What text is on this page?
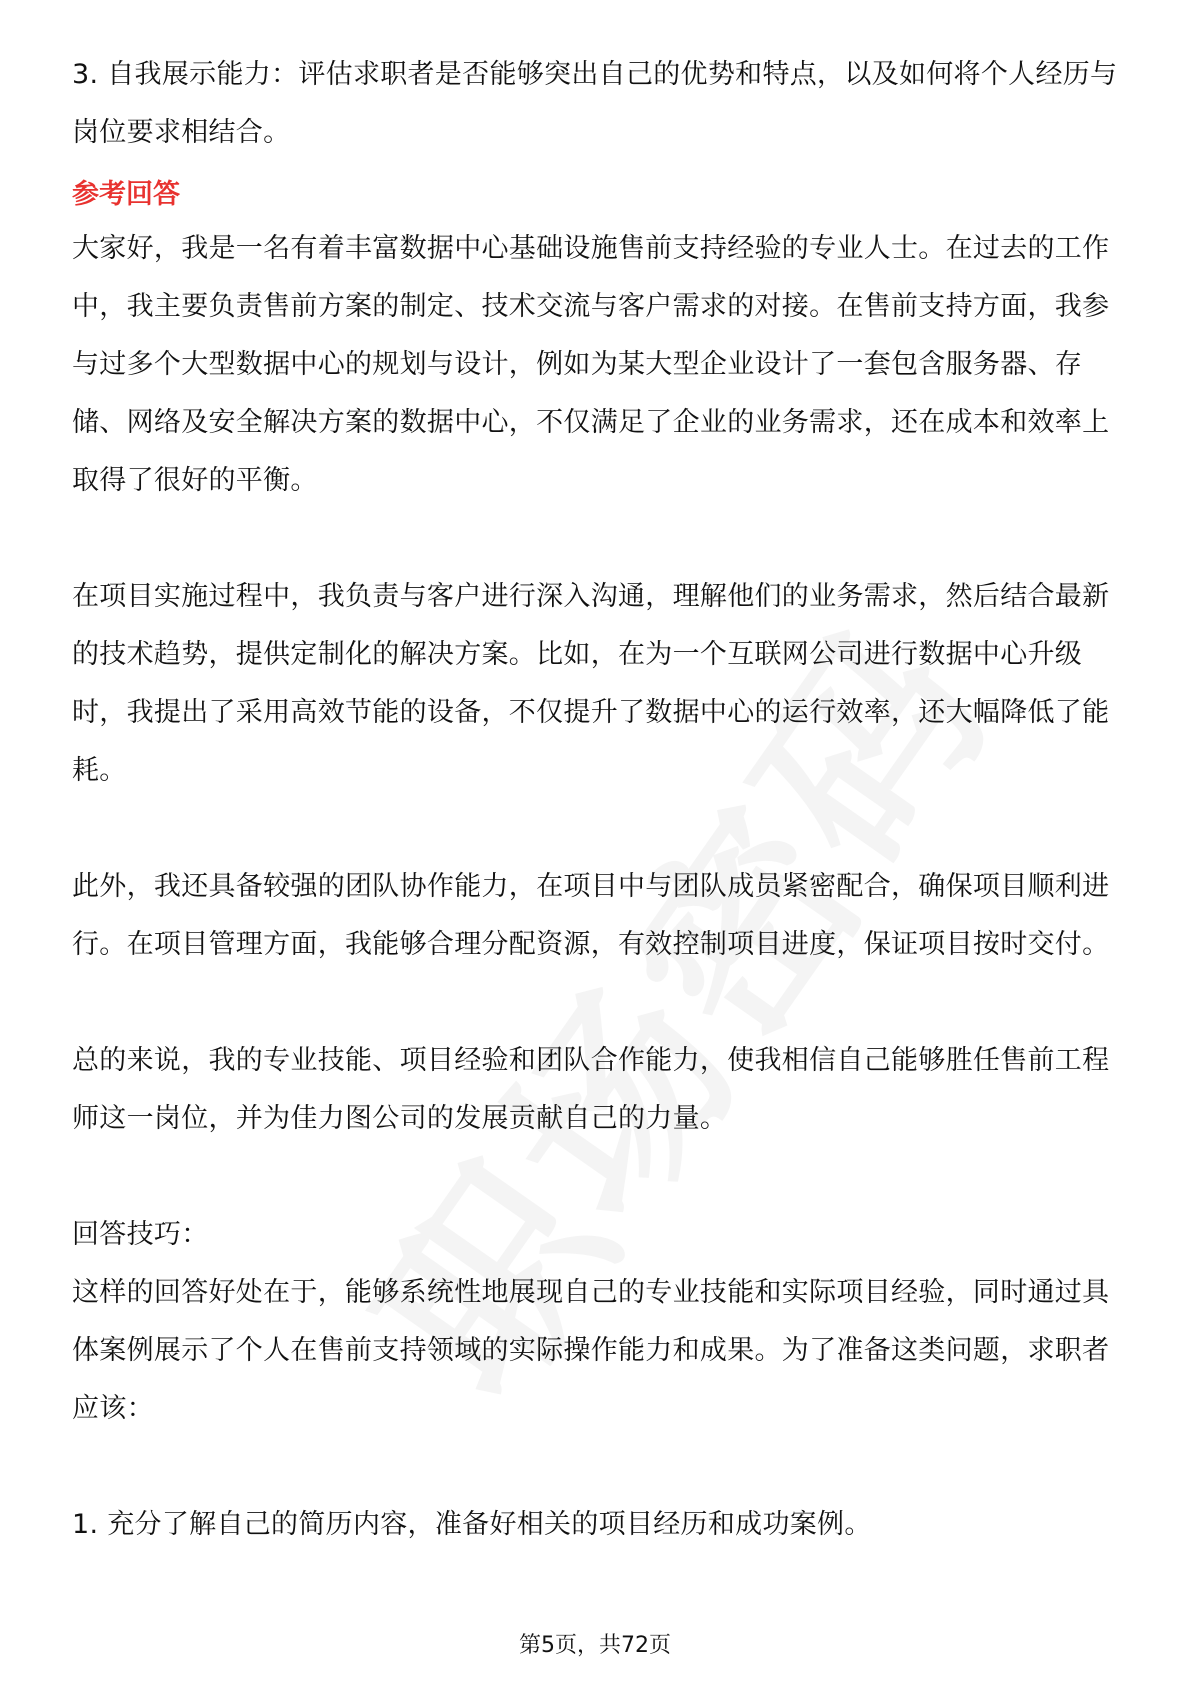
3. 自我展示能力：评估求职者是否能够突出自己的优势和特点，以及如何将个人经历与岗位要求相结合。

参考回答

大家好，我是一名有着丰富数据中心基础设施售前支持经验的专业人士。在过去的工作中，我主要负责售前方案的制定、技术交流与客户需求的对接。在售前支持方面，我参与过多个大型数据中心的规划与设计，例如为某大型企业设计了一套包含服务器、存储、网络及安全解决方案的数据中心，不仅满足了企业的业务需求，还在成本和效率上取得了很好的平衡。

在项目实施过程中，我负责与客户进行深入沟通，理解他们的业务需求，然后结合最新的技术趋势，提供定制化的解决方案。比如，在为一个互联网公司进行数据中心升级时，我提出了采用高效节能的设备，不仅提升了数据中心的运行效率，还大幅降低了能耗。

此外，我还具备较强的团队协作能力，在项目中与团队成员紧密配合，确保项目顺利进行。在项目管理方面，我能够合理分配资源，有效控制项目进度，保证项目按时交付。

总的来说，我的专业技能、项目经验和团队合作能力，使我相信自己能够胜任售前工程师这一岗位，并为佳力图公司的发展贡献自己的力量。

回答技巧：

这样的回答好处在于，能够系统性地展现自己的专业技能和实际项目经验，同时通过具体案例展示了个人在售前支持领域的实际操作能力和成果。为了准备这类问题，求职者应该：

1. 充分了解自己的简历内容，准备好相关的项目经历和成功案例。

第5页，共72页
